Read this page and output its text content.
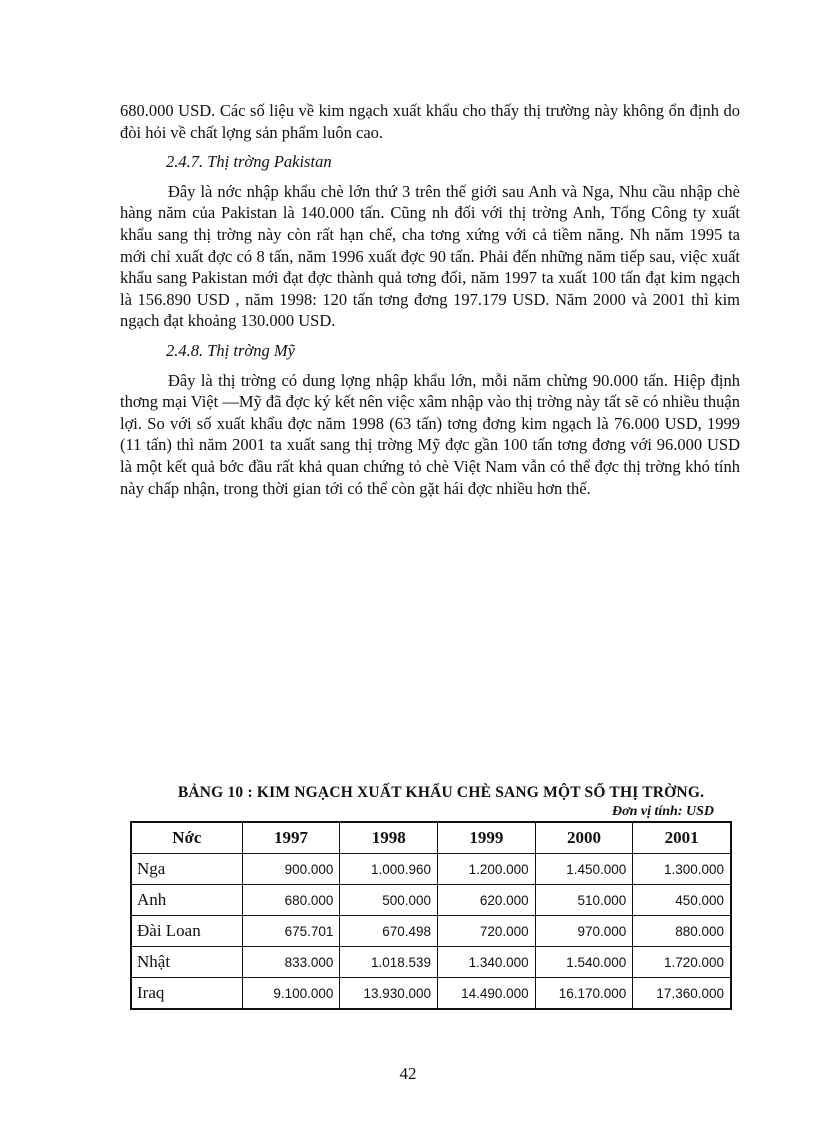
680.000 USD. Các số liệu về kim ngạch xuất khẩu cho thấy thị trường này không ổn định do đòi hỏi về chất lợng sản phẩm luôn cao.

2.4.7. Thị trờng Pakistan

Đây là nớc nhập khẩu chè lớn thứ 3 trên thế giới sau Anh và Nga, Nhu cầu nhập chè hàng năm của Pakistan là 140.000 tấn. Cũng nh đối với thị trờng Anh, Tổng Công ty xuất khẩu sang thị trờng này còn rất hạn chế, cha tơng xứng với cả tiềm năng. Nh năm 1995 ta mới chỉ xuất đợc có 8 tấn, năm 1996 xuất đợc 90 tấn. Phải đến những năm tiếp sau, việc xuất khẩu sang Pakistan mới đạt đợc thành quả tơng đối, năm 1997 ta xuất 100 tấn đạt kim ngạch là 156.890 USD , năm 1998: 120 tấn tơng đơng 197.179 USD. Năm 2000 và 2001 thì kim ngạch đạt khoảng 130.000 USD.

2.4.8. Thị trờng Mỹ

Đây là thị trờng có dung lợng nhập khẩu lớn, mỗi năm chừng 90.000 tấn. Hiệp định thơng mại Việt —Mỹ đã đợc ký kết nên việc xâm nhập vào thị trờng này tất sẽ có nhiều thuận lợi. So với số xuất khẩu đợc năm 1998 (63 tấn) tơng đơng kim ngạch là 76.000 USD, 1999 (11 tấn) thì năm 2001 ta xuất sang thị trờng Mỹ đợc gần 100 tấn tơng đơng với 96.000 USD là một kết quả bớc đầu rất khả quan chứng tỏ chè Việt Nam vẫn có thể đợc thị trờng khó tính này chấp nhận, trong thời gian tới có thể còn gặt hái đợc nhiều hơn thế.

BẢNG 10 : KIM NGẠCH XUẤT KHẨU CHÈ SANG MỘT SỐ THỊ TRỜNG.
Đơn vị tính: USD
Nớc	1997	1998	1999	2000	2001
Nga	900.000	1.000.960	1.200.000	1.450.000	1.300.000
Anh	680.000	500.000	620.000	510.000	450.000
Đài Loan	675.701	670.498	720.000	970.000	880.000
Nhật	833.000	1.018.539	1.340.000	1.540.000	1.720.000
Iraq	9.100.000	13.930.000	14.490.000	16.170.000	17.360.000
42
